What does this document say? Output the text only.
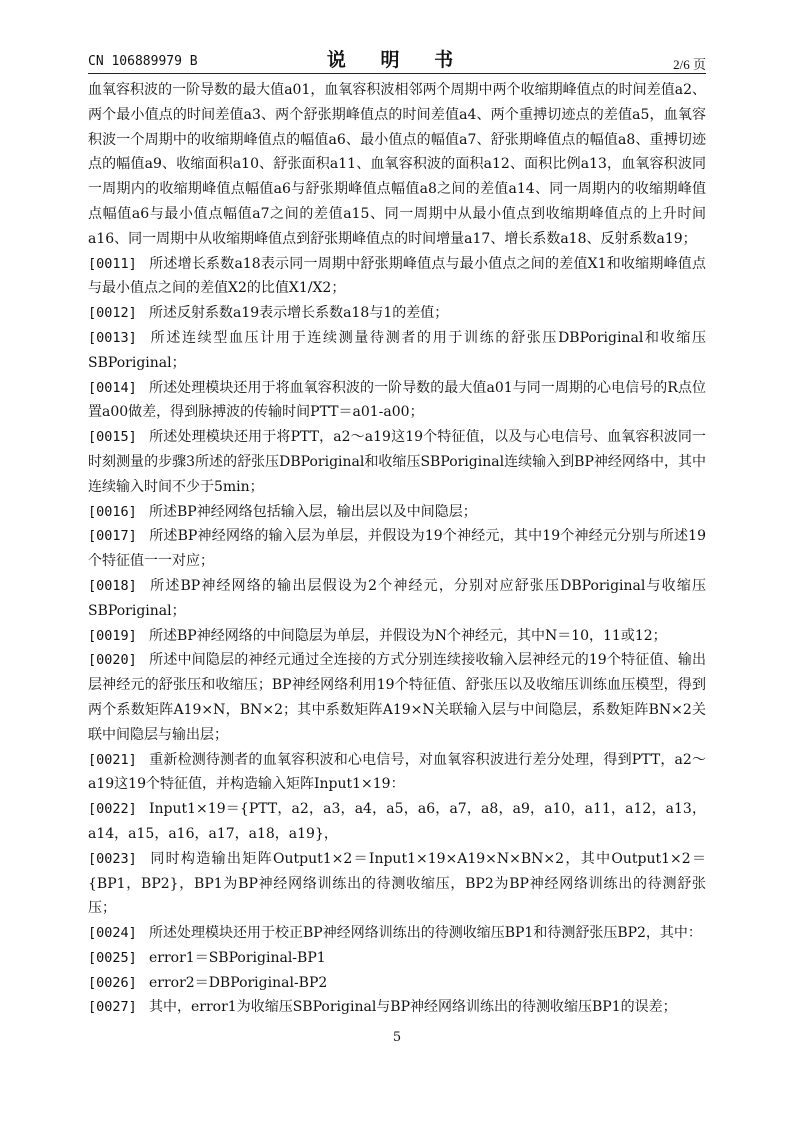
CN 106889979 B	说 明 书	2/6 页

血氧容积波的一阶导数的最大值a01，血氧容积波相邻两个周期中两个收缩期峰值点的时间差值a2、两个最小值点的时间差值a3、两个舒张期峰值点的时间差值a4、两个重搏切迹点的差值a5，血氧容积波一个周期中的收缩期峰值点的幅值a6、最小值点的幅值a7、舒张期峰值点的幅值a8、重搏切迹点的幅值a9、收缩面积a10、舒张面积a11、血氧容积波的面积a12、面积比例a13，血氧容积波同一周期内的收缩期峰值点幅值a6与舒张期峰值点幅值a8之间的差值a14、同一周期内的收缩期峰值点幅值a6与最小值点幅值a7之间的差值a15、同一周期中从最小值点到收缩期峰值点的上升时间a16、同一周期中从收缩期峰值点到舒张期峰值点的时间增量a17、增长系数a18、反射系数a19；

[0011] 所述增长系数a18表示同一周期中舒张期峰值点与最小值点之间的差值X1和收缩期峰值点与最小值点之间的差值X2的比值X1/X2；

[0012] 所述反射系数a19表示增长系数a18与1的差值；

[0013] 所述连续型血压计用于连续测量待测者的用于训练的舒张压DBPoriginal和收缩压SBPoriginal；

[0014] 所述处理模块还用于将血氧容积波的一阶导数的最大值a01与同一周期的心电信号的R点位置a00做差，得到脉搏波的传输时间PTT＝a01-a00；

[0015] 所述处理模块还用于将PTT，a2～a19这19个特征值，以及与心电信号、血氧容积波同一时刻测量的步骤3所述的舒张压DBPoriginal和收缩压SBPoriginal连续输入到BP神经网络中，其中连续输入时间不少于5min；

[0016] 所述BP神经网络包括输入层，输出层以及中间隐层；

[0017] 所述BP神经网络的输入层为单层，并假设为19个神经元，其中19个神经元分别与所述19个特征值一一对应；

[0018] 所述BP神经网络的输出层假设为2个神经元，分别对应舒张压DBPoriginal与收缩压SBPoriginal；

[0019] 所述BP神经网络的中间隐层为单层，并假设为N个神经元，其中N＝10，11或12；

[0020] 所述中间隐层的神经元通过全连接的方式分别连续接收输入层神经元的19个特征值、输出层神经元的舒张压和收缩压；BP神经网络利用19个特征值、舒张压以及收缩压训练血压模型，得到两个系数矩阵A19×N，BN×2；其中系数矩阵A19×N关联输入层与中间隐层，系数矩阵BN×2关联中间隐层与输出层；

[0021] 重新检测待测者的血氧容积波和心电信号，对血氧容积波进行差分处理，得到PTT，a2～a19这19个特征值，并构造输入矩阵Input1×19：

[0022] Input1×19＝{PTT，a2，a3，a4，a5，a6，a7，a8，a9，a10，a11，a12，a13，a14，a15，a16，a17，a18，a19}，

[0023] 同时构造输出矩阵Output1×2＝Input1×19×A19×N×BN×2，其中Output1×2＝{BP1，BP2}，BP1为BP神经网络训练出的待测收缩压，BP2为BP神经网络训练出的待测舒张压；

[0024] 所述处理模块还用于校正BP神经网络训练出的待测收缩压BP1和待测舒张压BP2，其中：

[0025] error1＝SBPoriginal-BP1

[0026] error2＝DBPoriginal-BP2

[0027] 其中，error1为收缩压SBPoriginal与BP神经网络训练出的待测收缩压BP1的误差；

5
